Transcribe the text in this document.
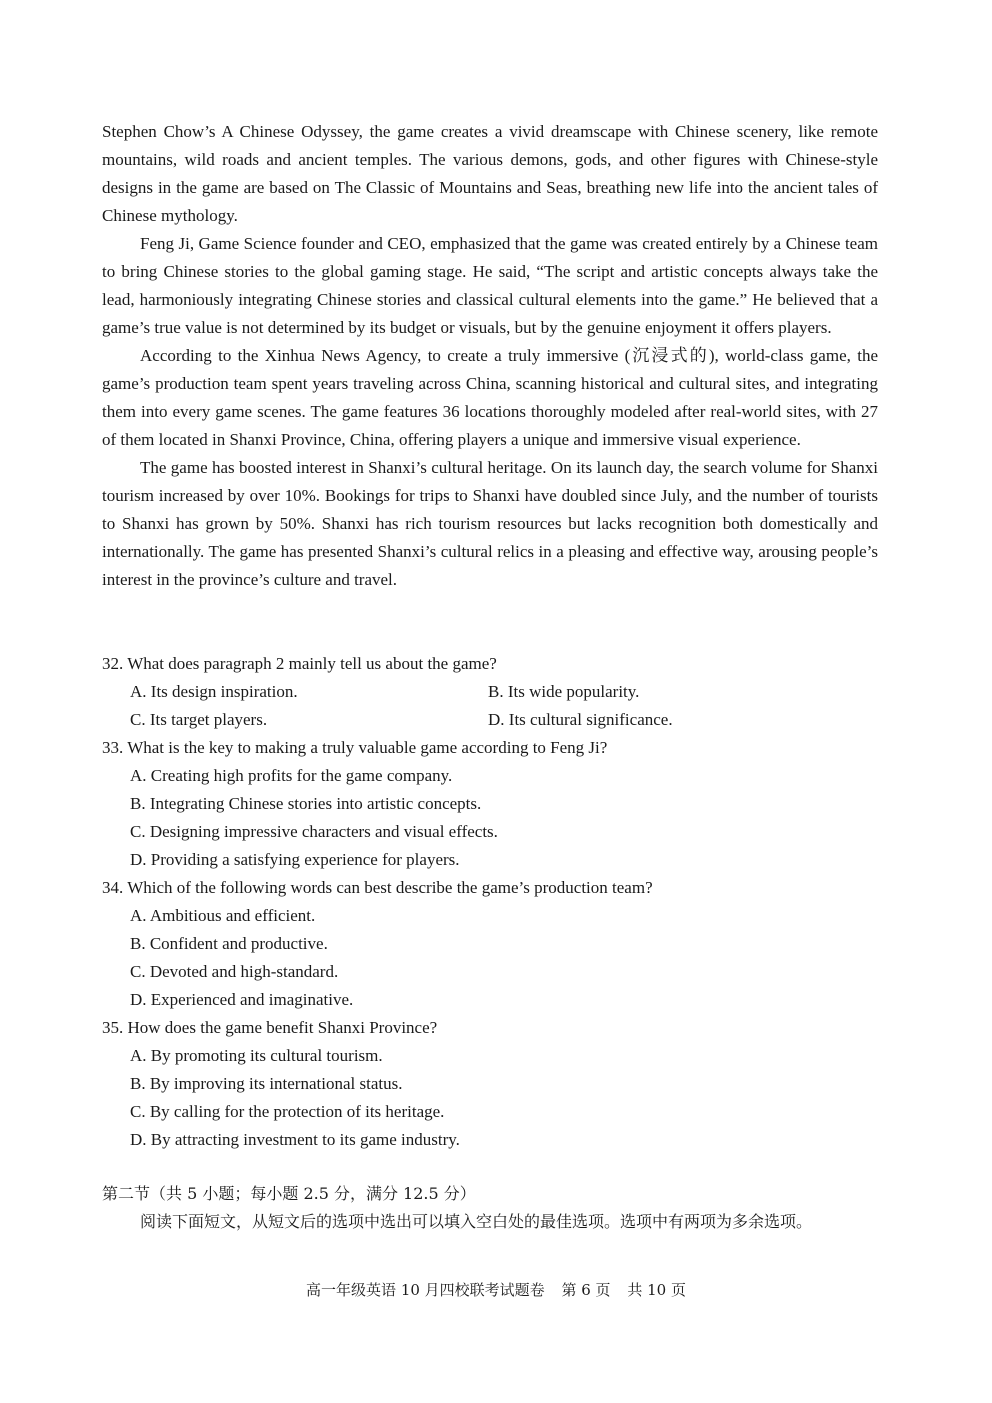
Stephen Chow’s A Chinese Odyssey, the game creates a vivid dreamscape with Chinese scenery, like remote mountains, wild roads and ancient temples. The various demons, gods, and other figures with Chinese-style designs in the game are based on The Classic of Mountains and Seas, breathing new life into the ancient tales of Chinese mythology.

Feng Ji, Game Science founder and CEO, emphasized that the game was created entirely by a Chinese team to bring Chinese stories to the global gaming stage. He said, “The script and artistic concepts always take the lead, harmoniously integrating Chinese stories and classical cultural elements into the game.” He believed that a game’s true value is not determined by its budget or visuals, but by the genuine enjoyment it offers players.

According to the Xinhua News Agency, to create a truly immersive (沉浸式的), world-class game, the game’s production team spent years traveling across China, scanning historical and cultural sites, and integrating them into every game scenes. The game features 36 locations thoroughly modeled after real-world sites, with 27 of them located in Shanxi Province, China, offering players a unique and immersive visual experience.

The game has boosted interest in Shanxi’s cultural heritage. On its launch day, the search volume for Shanxi tourism increased by over 10%. Bookings for trips to Shanxi have doubled since July, and the number of tourists to Shanxi has grown by 50%. Shanxi has rich tourism resources but lacks recognition both domestically and internationally. The game has presented Shanxi’s cultural relics in a pleasing and effective way, arousing people’s interest in the province’s culture and travel.

32. What does paragraph 2 mainly tell us about the game?

A. Its design inspiration.	B. Its wide popularity.
C. Its target players.	D. Its cultural significance.

33. What is the key to making a truly valuable game according to Feng Ji?

A. Creating high profits for the game company.

B. Integrating Chinese stories into artistic concepts.

C. Designing impressive characters and visual effects.

D. Providing a satisfying experience for players.

34. Which of the following words can best describe the game’s production team?

A. Ambitious and efficient.

B. Confident and productive.

C. Devoted and high-standard.

D. Experienced and imaginative.

35. How does the game benefit Shanxi Province?

A. By promoting its cultural tourism.

B. By improving its international status.

C. By calling for the protection of its heritage.

D. By attracting investment to its game industry.

第二节（共 5 小题；每小题 2.5 分，满分 12.5 分）

阅读下面短文，从短文后的选项中选出可以填入空白处的最佳选项。选项中有两项为多余选项。

高一年级英语 10 月四校联考试题卷 第 6 页 共 10 页
